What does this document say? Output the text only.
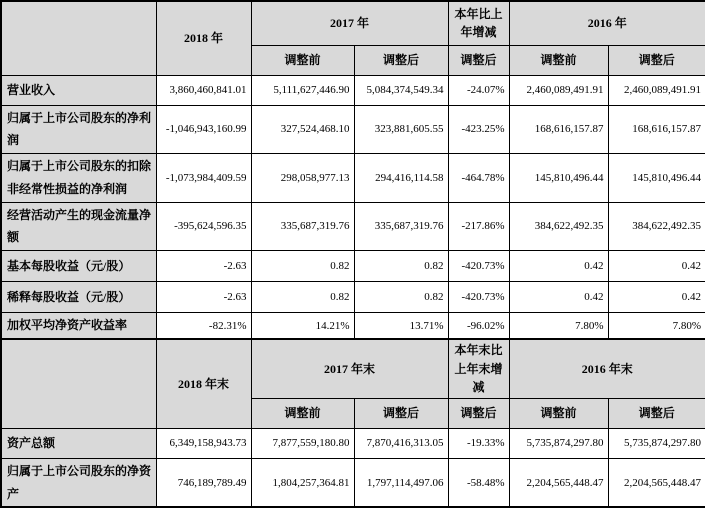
	2018 年	2017 年		本年比上年增减	2016 年	
		调整前	调整后	调整后	调整前	调整后
营业收入	3,860,460,841.01	5,111,627,446.90	5,084,374,549.34	-24.07%	2,460,089,491.91	2,460,089,491.91
归属于上市公司股东的净利润	-1,046,943,160.99	327,524,468.10	323,881,605.55	-423.25%	168,616,157.87	168,616,157.87
归属于上市公司股东的扣除非经常性损益的净利润	-1,073,984,409.59	298,058,977.13	294,416,114.58	-464.78%	145,810,496.44	145,810,496.44
经营活动产生的现金流量净额	-395,624,596.35	335,687,319.76	335,687,319.76	-217.86%	384,622,492.35	384,622,492.35
基本每股收益（元/股）	-2.63	0.82	0.82	-420.73%	0.42	0.42
稀释每股收益（元/股）	-2.63	0.82	0.82	-420.73%	0.42	0.42
加权平均净资产收益率	-82.31%	14.21%	13.71%	-96.02%	7.80%	7.80%
	2018 年末	2017 年末		本年末比上年末增减	2016 年末	
		调整前	调整后	调整后	调整前	调整后
资产总额	6,349,158,943.73	7,877,559,180.80	7,870,416,313.05	-19.33%	5,735,874,297.80	5,735,874,297.80
归属于上市公司股东的净资产	746,189,789.49	1,804,257,364.81	1,797,114,497.06	-58.48%	2,204,565,448.47	2,204,565,448.47
